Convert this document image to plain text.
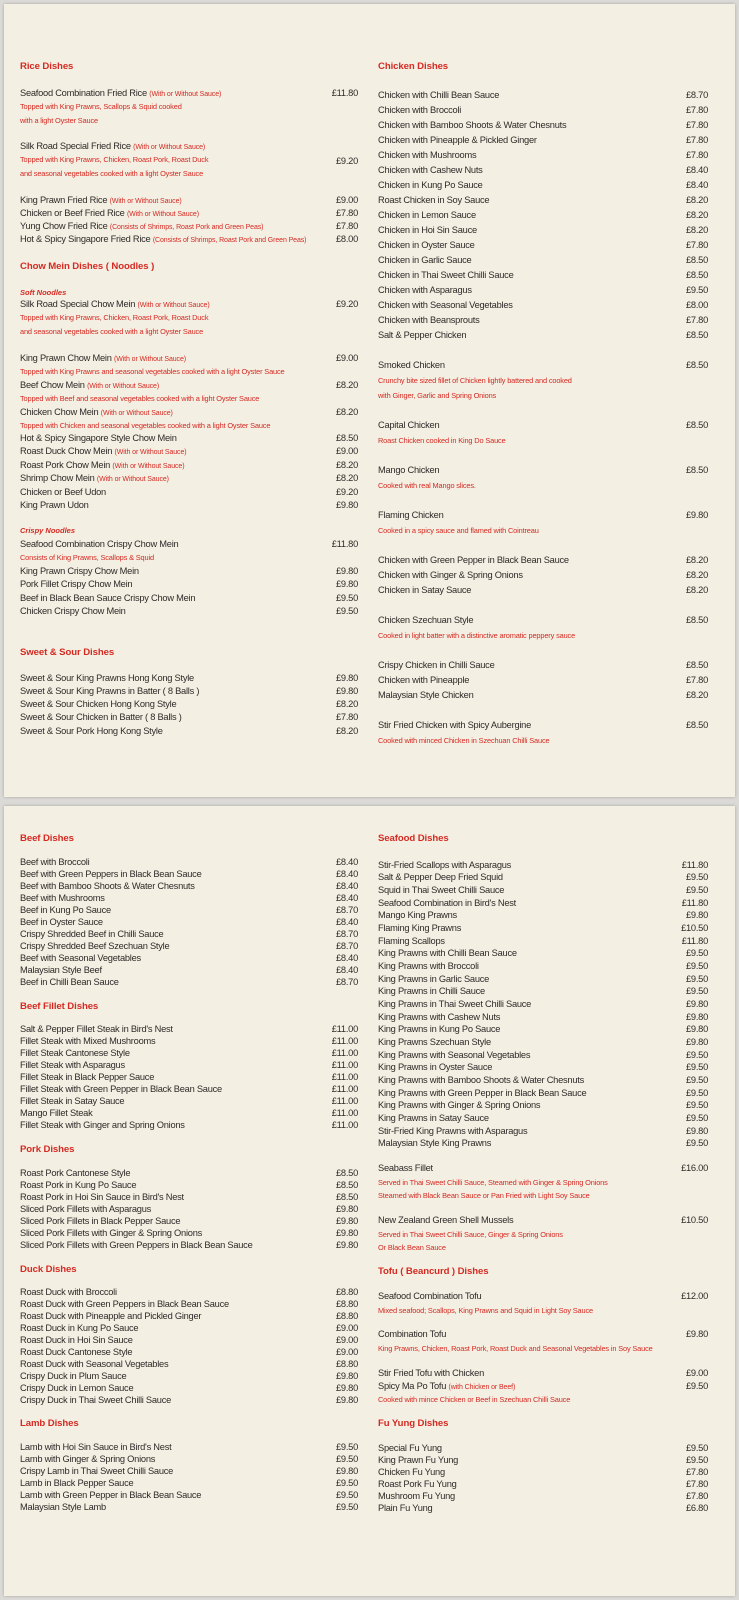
Rice Dishes
Seafood Combination Fried Rice (With or Without Sauce)	£11.80
Topped with King Prawns, Scallops & Squid cooked
with a light Oyster Sauce
Silk Road Special Fried Rice (With or Without Sauce)
Topped with King Prawns, Chicken, Roast Pork, Roast Duck	£9.20
and seasonal vegetables cooked with a light Oyster Sauce
King Prawn Fried Rice (With or Without Sauce)	£9.00
Chicken or Beef Fried Rice (With or Without Sauce)	£7.80
Yung Chow Fried Rice (Consists of Shrimps, Roast Pork and Green Peas)	£7.80
Hot & Spicy Singapore Fried Rice (Consists of Shrimps, Roast Pork and Green Peas)	£8.00
Chow Mein Dishes ( Noodles )
Soft Noodles
Silk Road Special Chow Mein (With or Without Sauce)	£9.20
Topped with King Prawns, Chicken, Roast Pork, Roast Duck
and seasonal vegetables cooked with a light Oyster Sauce
King Prawn Chow Mein (With or Without Sauce)	£9.00
Topped with King Prawns and seasonal vegetables cooked with a light Oyster Sauce
Beef Chow Mein (With or Without Sauce)	£8.20
Topped with Beef and seasonal vegetables cooked with a light Oyster Sauce
Chicken Chow Mein (With or Without Sauce)	£8.20
Topped with Chicken and seasonal vegetables cooked with a light Oyster Sauce
Hot & Spicy Singapore Style Chow Mein	£8.50
Roast Duck Chow Mein (With or Without Sauce)	£9.00
Roast Pork Chow Mein (With or Without Sauce)	£8.20
Shrimp Chow Mein (With or Without Sauce)	£8.20
Chicken or Beef Udon	£9.20
King Prawn Udon	£9.80
Crispy Noodles
Seafood Combination Crispy Chow Mein	£11.80
Consists of King Prawns, Scallops & Squid
King Prawn Crispy Chow Mein	£9.80
Pork Fillet Crispy Chow Mein	£9.80
Beef in Black Bean Sauce Crispy Chow Mein	£9.50
Chicken Crispy Chow Mein	£9.50
Sweet & Sour Dishes
Sweet & Sour King Prawns Hong Kong Style	£9.80
Sweet & Sour King Prawns in Batter ( 8 Balls )	£9.80
Sweet & Sour Chicken Hong Kong Style	£8.20
Sweet & Sour Chicken in Batter ( 8 Balls )	£7.80
Sweet & Sour Pork Hong Kong Style	£8.20
Chicken Dishes
Chicken with Chilli Bean Sauce	£8.70
Chicken with Broccoli	£7.80
Chicken with Bamboo Shoots & Water Chesnuts	£7.80
Chicken with Pineapple & Pickled Ginger	£7.80
Chicken with Mushrooms	£7.80
Chicken with Cashew Nuts	£8.40
Chicken in Kung Po Sauce	£8.40
Roast Chicken in Soy Sauce	£8.20
Chicken in Lemon Sauce	£8.20
Chicken in Hoi Sin Sauce	£8.20
Chicken in Oyster Sauce	£7.80
Chicken in Garlic Sauce	£8.50
Chicken in Thai Sweet Chilli Sauce	£8.50
Chicken with Asparagus	£9.50
Chicken with Seasonal Vegetables	£8.00
Chicken with Beansprouts	£7.80
Salt & Pepper Chicken	£8.50
Smoked Chicken	£8.50
Crunchy bite sized fillet of Chicken lightly battered and cooked
with Ginger, Garlic and Spring Onions
Capital Chicken	£8.50
Roast Chicken cooked in King Do Sauce
Mango Chicken	£8.50
Cooked with real Mango slices.
Flaming Chicken	£9.80
Cooked in a spicy sauce and flamed with Cointreau
Chicken with Green Pepper in Black Bean Sauce	£8.20
Chicken with Ginger & Spring Onions	£8.20
Chicken in Satay Sauce	£8.20
Chicken Szechuan Style	£8.50
Cooked in light batter with a distinctive aromatic peppery sauce
Crispy Chicken in Chilli Sauce	£8.50
Chicken with Pineapple	£7.80
Malaysian Style Chicken	£8.20
Stir Fried Chicken with Spicy Aubergine	£8.50
Cooked with minced Chicken in Szechuan Chilli Sauce
Beef Dishes
Beef with Broccoli	£8.40
Beef with Green Peppers in Black Bean Sauce	£8.40
Beef with Bamboo Shoots & Water Chesnuts	£8.40
Beef with Mushrooms	£8.40
Beef in Kung Po Sauce	£8.70
Beef in Oyster Sauce	£8.40
Crispy Shredded Beef in Chilli Sauce	£8.70
Crispy Shredded Beef Szechuan Style	£8.70
Beef with Seasonal Vegetables	£8.40
Malaysian Style Beef	£8.40
Beef in Chilli Bean Sauce	£8.70
Beef Fillet Dishes
Salt & Pepper Fillet Steak in Bird's Nest	£11.00
Fillet Steak with Mixed Mushrooms	£11.00
Fillet Steak Cantonese Style	£11.00
Fillet Steak with Asparagus	£11.00
Fillet Steak in Black Pepper Sauce	£11.00
Fillet Steak with Green Pepper in Black Bean Sauce	£11.00
Fillet Steak in Satay Sauce	£11.00
Mango Fillet Steak	£11.00
Fillet Steak with Ginger and Spring Onions	£11.00
Pork Dishes
Roast Pork Cantonese Style	£8.50
Roast Pork in Kung Po Sauce	£8.50
Roast Pork in Hoi Sin Sauce in Bird's Nest	£8.50
Sliced Pork Fillets with Asparagus	£9.80
Sliced Pork Fillets in Black Pepper Sauce	£9.80
Sliced Pork Fillets with Ginger & Spring Onions	£9.80
Sliced Pork Fillets with Green Peppers in Black Bean Sauce	£9.80
Duck Dishes
Roast Duck with Broccoli	£8.80
Roast Duck with Green Peppers in Black Bean Sauce	£8.80
Roast Duck with Pineapple and Pickled Ginger	£8.80
Roast Duck in Kung Po Sauce	£9.00
Roast Duck in Hoi Sin Sauce	£9.00
Roast Duck Cantonese Style	£9.00
Roast Duck with Seasonal Vegetables	£8.80
Crispy Duck in Plum Sauce	£9.80
Crispy Duck in Lemon Sauce	£9.80
Crispy Duck in Thai Sweet Chilli Sauce	£9.80
Lamb Dishes
Lamb with Hoi Sin Sauce in Bird's Nest	£9.50
Lamb with Ginger & Spring Onions	£9.50
Crispy Lamb in Thai Sweet Chilli Sauce	£9.80
Lamb in Black Pepper Sauce	£9.50
Lamb with Green Pepper in Black Bean Sauce	£9.50
Malaysian Style Lamb	£9.50
Seafood Dishes
Stir-Fried Scallops with Asparagus	£11.80
Salt & Pepper Deep Fried Squid	£9.50
Squid in Thai Sweet Chilli Sauce	£9.50
Seafood Combination in Bird's Nest	£11.80
Mango King Prawns	£9.80
Flaming King Prawns	£10.50
Flaming Scallops	£11.80
King Prawns with Chilli Bean Sauce	£9.50
King Prawns with Broccoli	£9.50
King Prawns in Garlic Sauce	£9.50
King Prawns in Chilli Sauce	£9.50
King Prawns in Thai Sweet Chilli Sauce	£9.80
King Prawns with Cashew Nuts	£9.80
King Prawns in Kung Po Sauce	£9.80
King Prawns Szechuan Style	£9.80
King Prawns with Seasonal Vegetables	£9.50
King Prawns in Oyster Sauce	£9.50
King Prawns with Bamboo Shoots & Water Chesnuts	£9.50
King Prawns with Green Pepper in Black Bean Sauce	£9.50
King Prawns with Ginger & Spring Onions	£9.50
King Prawns in Satay Sauce	£9.50
Stir-Fried King Prawns with Asparagus	£9.80
Malaysian Style King Prawns	£9.50
Seabass Fillet	£16.00
Served in Thai Sweet Chilli Sauce, Steamed with Ginger & Spring Onions
Steamed with Black Bean Sauce or Pan Fried with Light Soy Sauce
New Zealand Green Shell Mussels	£10.50
Served in Thai Sweet Chilli Sauce, Ginger & Spring Onions
Or Black Bean Sauce
Tofu ( Beancurd ) Dishes
Seafood Combination Tofu	£12.00
Mixed seafood; Scallops, King Prawns and Squid in Light Soy Sauce
Combination Tofu	£9.80
King Prawns, Chicken, Roast Pork, Roast Duck and Seasonal Vegetables in Soy Sauce
Stir Fried Tofu with Chicken	£9.00
Spicy Ma Po Tofu (with Chicken or Beef)	£9.50
Cooked with mince Chicken or Beef in Szechuan Chilli Sauce
Fu Yung Dishes
Special Fu Yung	£9.50
King Prawn Fu Yung	£9.50
Chicken Fu Yung	£7.80
Roast Pork Fu Yung	£7.80
Mushroom Fu Yung	£7.80
Plain Fu Yung	£6.80
